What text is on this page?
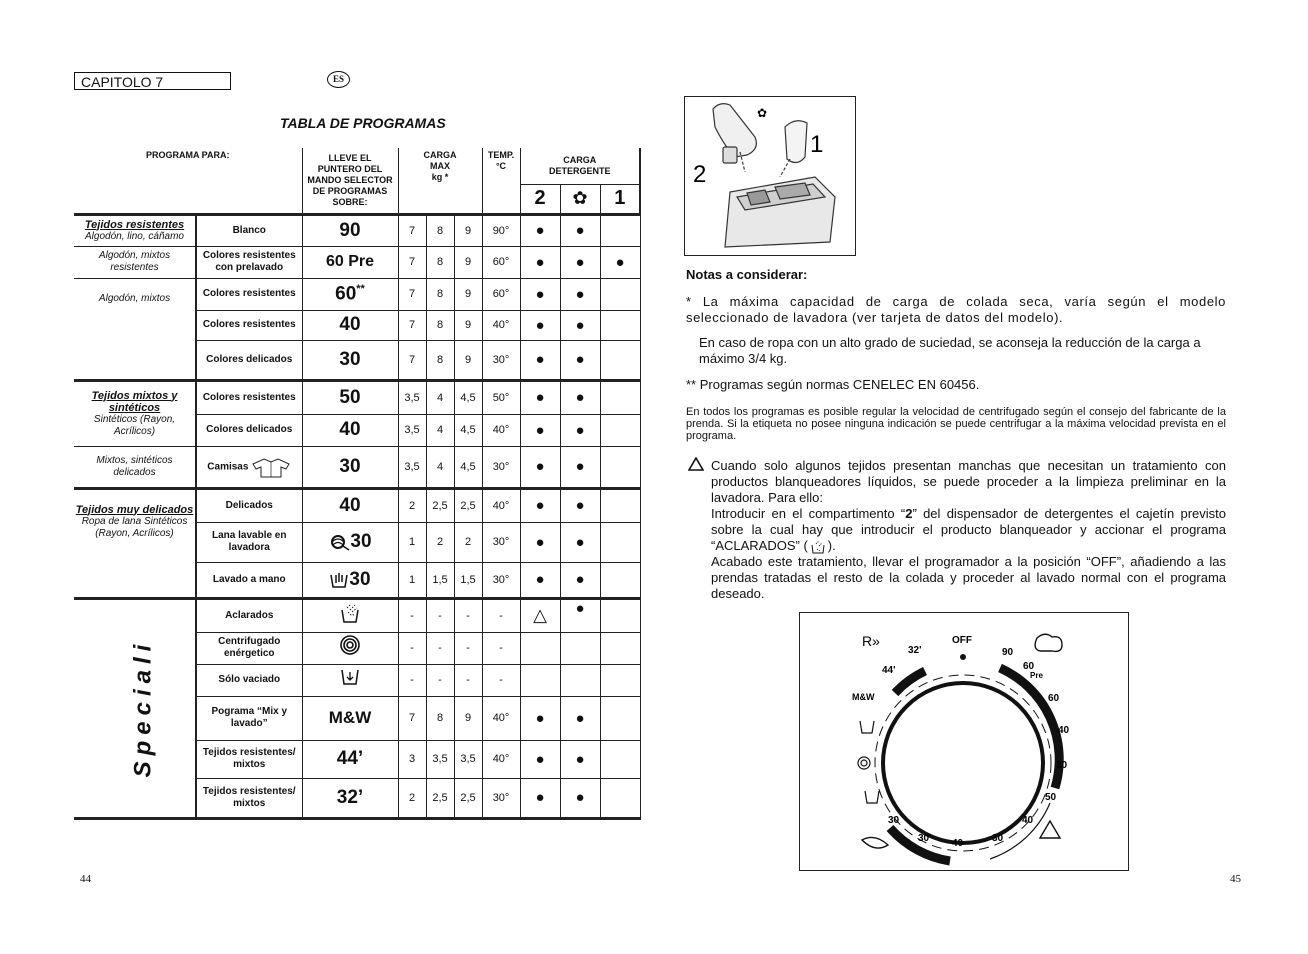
CAPITOLO 7	ES
TABLA DE PROGRAMAS
PROGRAMA PARA:		LLEVE EL
PUNTERO DEL
MANDO SELECTOR
DE PROGRAMAS
SOBRE:	CARGA
MAX
kg *			TEMP.
°C	CARGA
DETERGENTE		
							2	✿	1

Tejidos resistentes
Algodón, lino, cáñamo	Blanco	90	7	8	9	90°	●	●	

Algodón, mixtos resistentes	Colores resistentes con prelavado	60 Pre	7	8	9	60°	●	●	●

Algodón, mixtos	Colores resistentes	60**	7	8	9	60°	●	●	
	Colores resistentes	40	7	8	9	40°	●	●	
	Colores delicados	30	7	8	9	30°	●	●	

Tejidos mixtos y sintéticos
Sintéticos (Rayon, Acrílicos)	Colores resistentes	50	3,5	4	4,5	50°	●	●	
	Colores delicados	40	3,5	4	4,5	40°	●	●	

Mixtos, sintéticos delicados	Camisas	30	3,5	4	4,5	30°	●	●	

Tejidos muy delicados
Ropa de lana Sintéticos (Rayon, Acrílicos)	Delicados	40	2	2,5	2,5	40°	●	●	
	Lana lavable en lavadora	30	1	2	2	30°	●	●	
	Lavado a mano	30	1	1,5	1,5	30°	●	●	
Speciali	Aclarados		-	-	-	-	△	●	
	Centrifugado enérgetico		-	-	-	-			
	Sólo vaciado		-	-	-	-			
	Pograma “Mix y lavado”	M&W	7	8	9	40°	●	●	
	Tejidos resistentes/ mixtos	44’	3	3,5	3,5	40°	●	●	
	Tejidos resistentes/ mixtos	32’	2	2,5	2,5	30°	●	●	
44
✿
2
1
Notas a considerar:
* La máxima capacidad de carga de colada seca, varía según el modelo seleccionado de lavadora (ver tarjeta de datos del modelo).
En caso de ropa con un alto grado de suciedad, se aconseja la reducción de la carga a máximo 3/4 kg.
** Programas según normas CENELEC EN 60456.
En todos los programas es posible regular la velocidad de centrifugado según el consejo del fabricante de la prenda. Si la etiqueta no posee ninguna indicación se puede centrifugar a la máxima velocidad prevista en el programa.
Cuando solo algunos tejidos presentan manchas que necesitan un tratamiento con productos blanqueadores líquidos, se puede proceder a la limpieza preliminar en la lavadora. Para ello:
Introducir en el compartimento “2” del dispensador de detergentes el cajetín previsto sobre la cual hay que introducir el producto blanqueador y accionar el programa “ACLARADOS” ( ).
Acabado este tratamiento, llevar el programador a la posición “OFF”, añadiendo a las prendas tratadas el resto de la colada y proceder al lavado normal con el programa deseado.
OFF
90
60
Pre
60
40
30
50
40
30
40
30
30
32'
44'
M&W
R»
45
